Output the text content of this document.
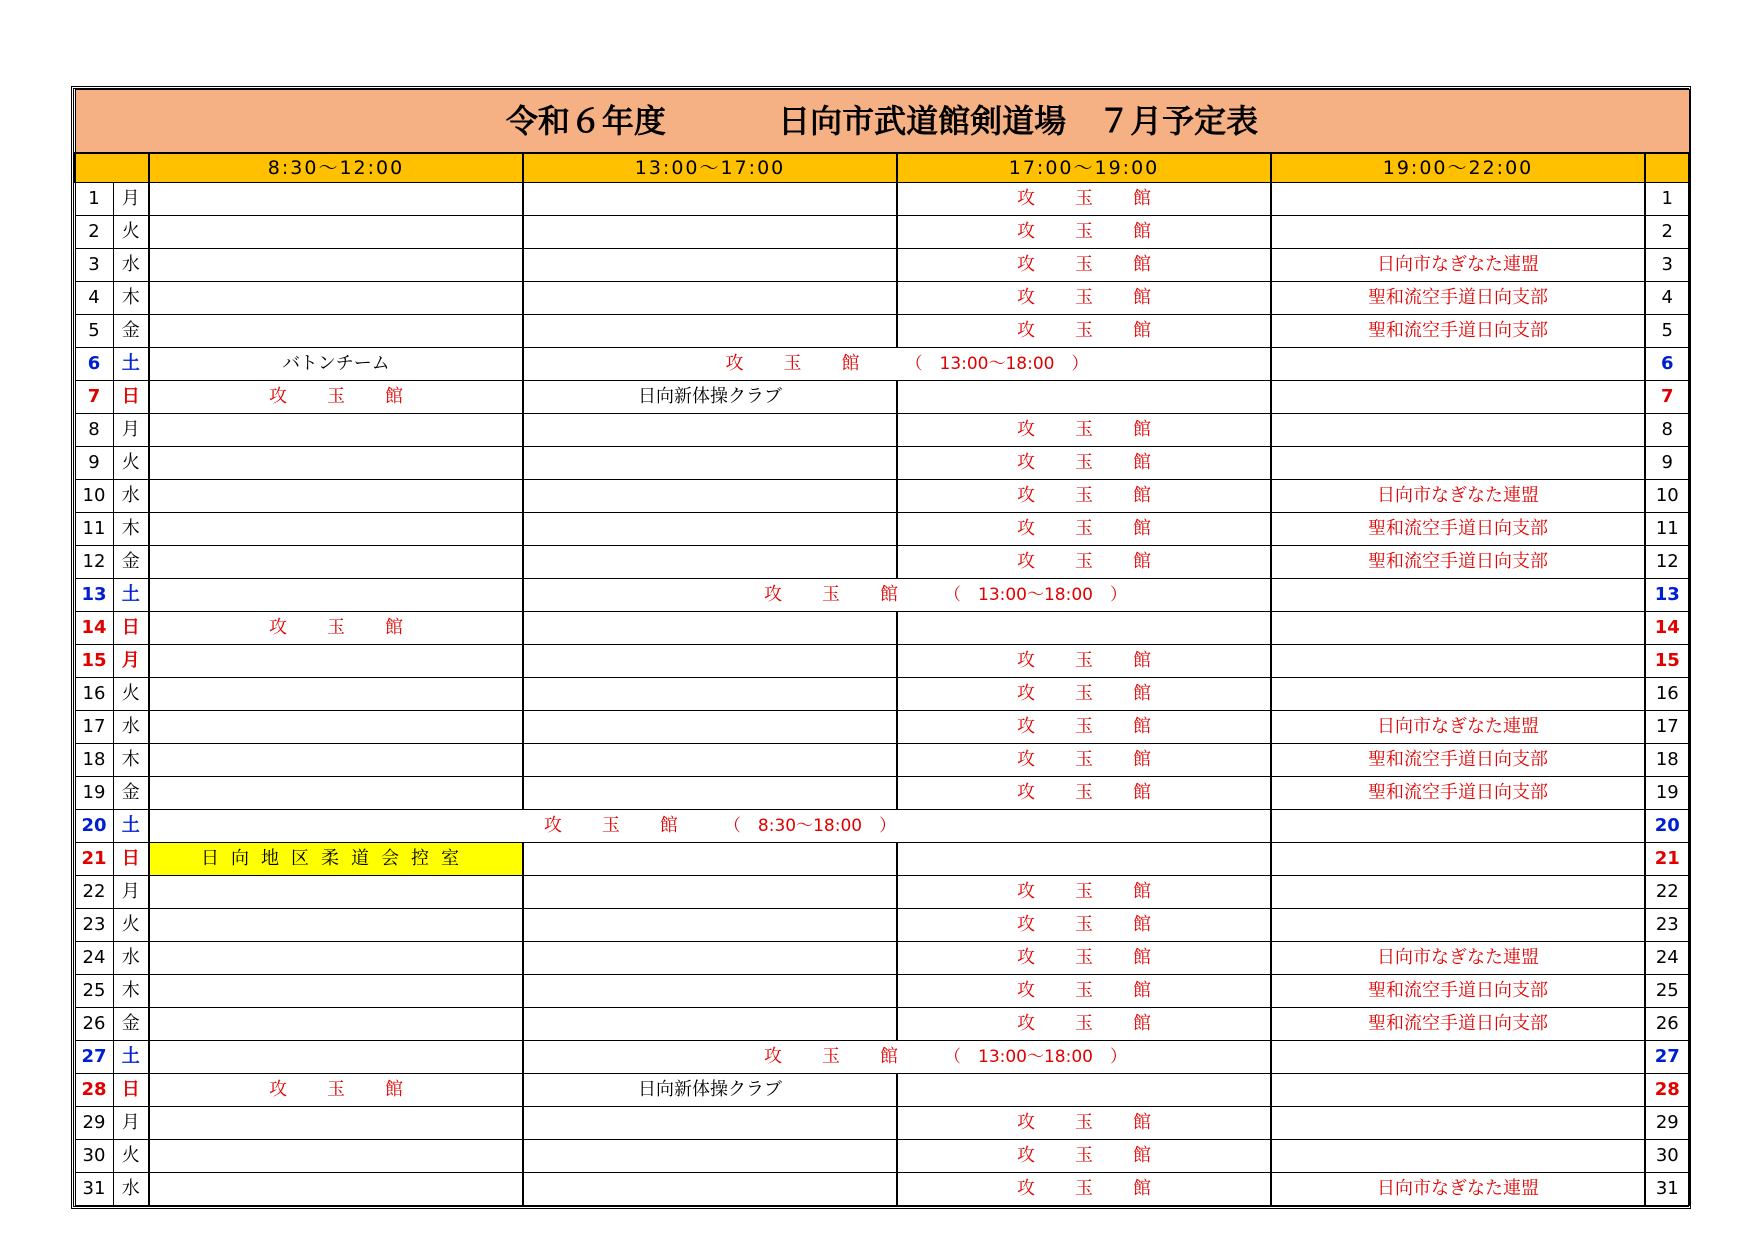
令和６年度 日向市武道館剣道場　７月予定表						
		8:30〜12:00	13:00〜17:00	17:00〜19:00	19:00〜22:00	
1	月			攻 玉 館		1
2	火			攻 玉 館		2
3	水			攻 玉 館	日向市なぎなた連盟	3
4	木			攻 玉 館	聖和流空手道日向支部	4
5	金			攻 玉 館	聖和流空手道日向支部	5
6	土	バトンチーム	攻 玉 館 （　13:00〜18:00　）			6
7	日	攻 玉 館	日向新体操クラブ			7
8	月			攻 玉 館		8
9	火			攻 玉 館		9
10	水			攻 玉 館	日向市なぎなた連盟	10
11	木			攻 玉 館	聖和流空手道日向支部	11
12	金			攻 玉 館	聖和流空手道日向支部	12
13	土		攻 玉 館 （　13:00〜18:00　）			13
14	日	攻 玉 館				14
15	月			攻 玉 館		15
16	火			攻 玉 館		16
17	水			攻 玉 館	日向市なぎなた連盟	17
18	木			攻 玉 館	聖和流空手道日向支部	18
19	金			攻 玉 館	聖和流空手道日向支部	19
20	土	攻 玉 館 （　8:30〜18:00　）				20
21	日	日向地区柔道会控室				21
22	月			攻 玉 館		22
23	火			攻 玉 館		23
24	水			攻 玉 館	日向市なぎなた連盟	24
25	木			攻 玉 館	聖和流空手道日向支部	25
26	金			攻 玉 館	聖和流空手道日向支部	26
27	土		攻 玉 館 （　13:00〜18:00　）			27
28	日	攻 玉 館	日向新体操クラブ			28
29	月			攻 玉 館		29
30	火			攻 玉 館		30
31	水			攻 玉 館	日向市なぎなた連盟	31
